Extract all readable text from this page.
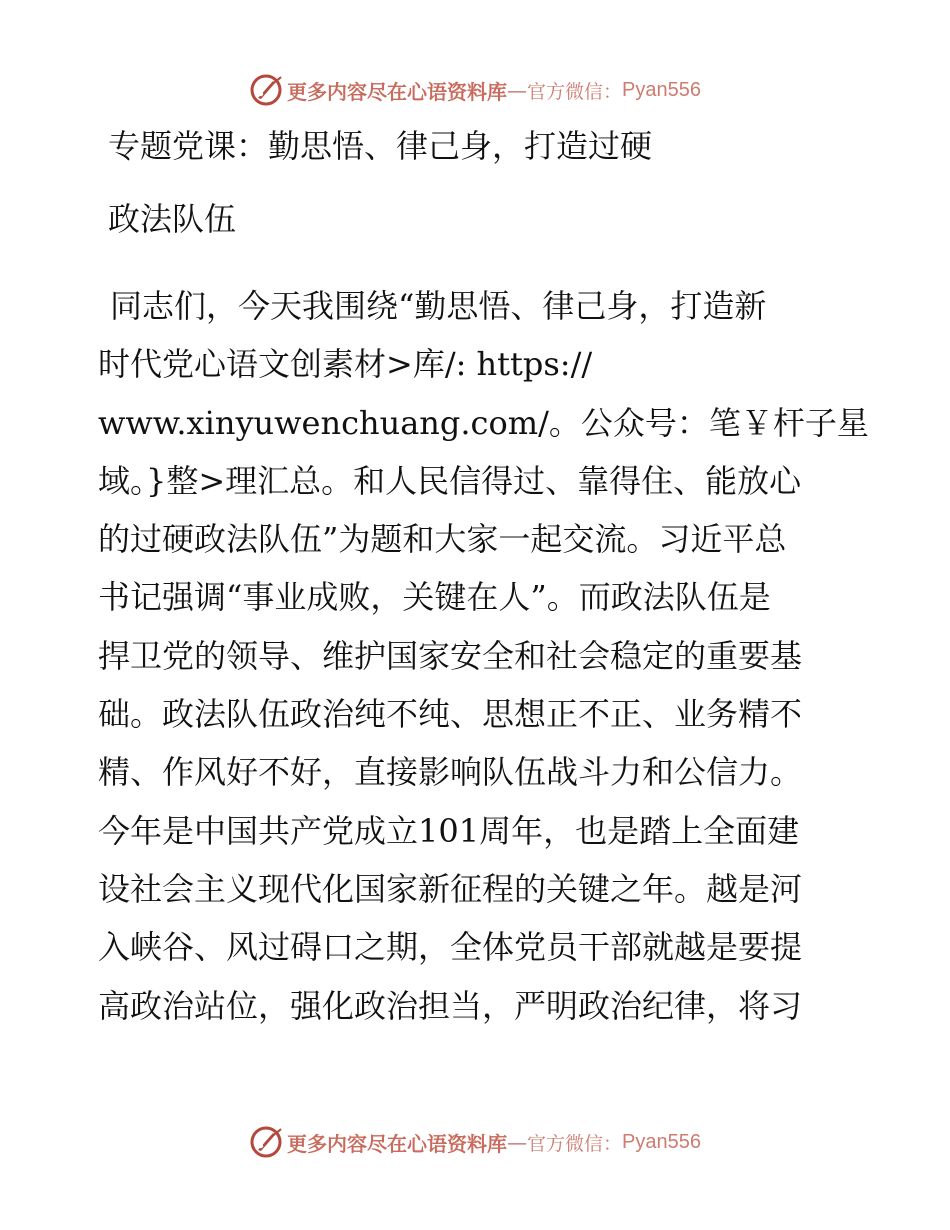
更多内容尽在心语资料库 — 官方微信： Pyan556
专题党课：勤思悟、律己身，打造过硬
政法队伍
同志们，今天我围绕“勤思悟、律己身，打造新
时代党心语文创素材>库/: https://
www.xinyuwenchuang.com/。公众号：笔￥杆子星
域。}整>理汇总。和人民信得过、靠得住、能放心
的过硬政法队伍”为题和大家一起交流。习近平总
书记强调“事业成败，关键在人”。而政法队伍是
捍卫党的领导、维护国家安全和社会稳定的重要基
础。政法队伍政治纯不纯、思想正不正、业务精不
精、作风好不好，直接影响队伍战斗力和公信力。
今年是中国共产党成立101周年，也是踏上全面建
设社会主义现代化国家新征程的关键之年。越是河
入峡谷、风过碍口之期，全体党员干部就越是要提
高政治站位，强化政治担当，严明政治纪律，将习
更多内容尽在心语资料库 — 官方微信： Pyan556
